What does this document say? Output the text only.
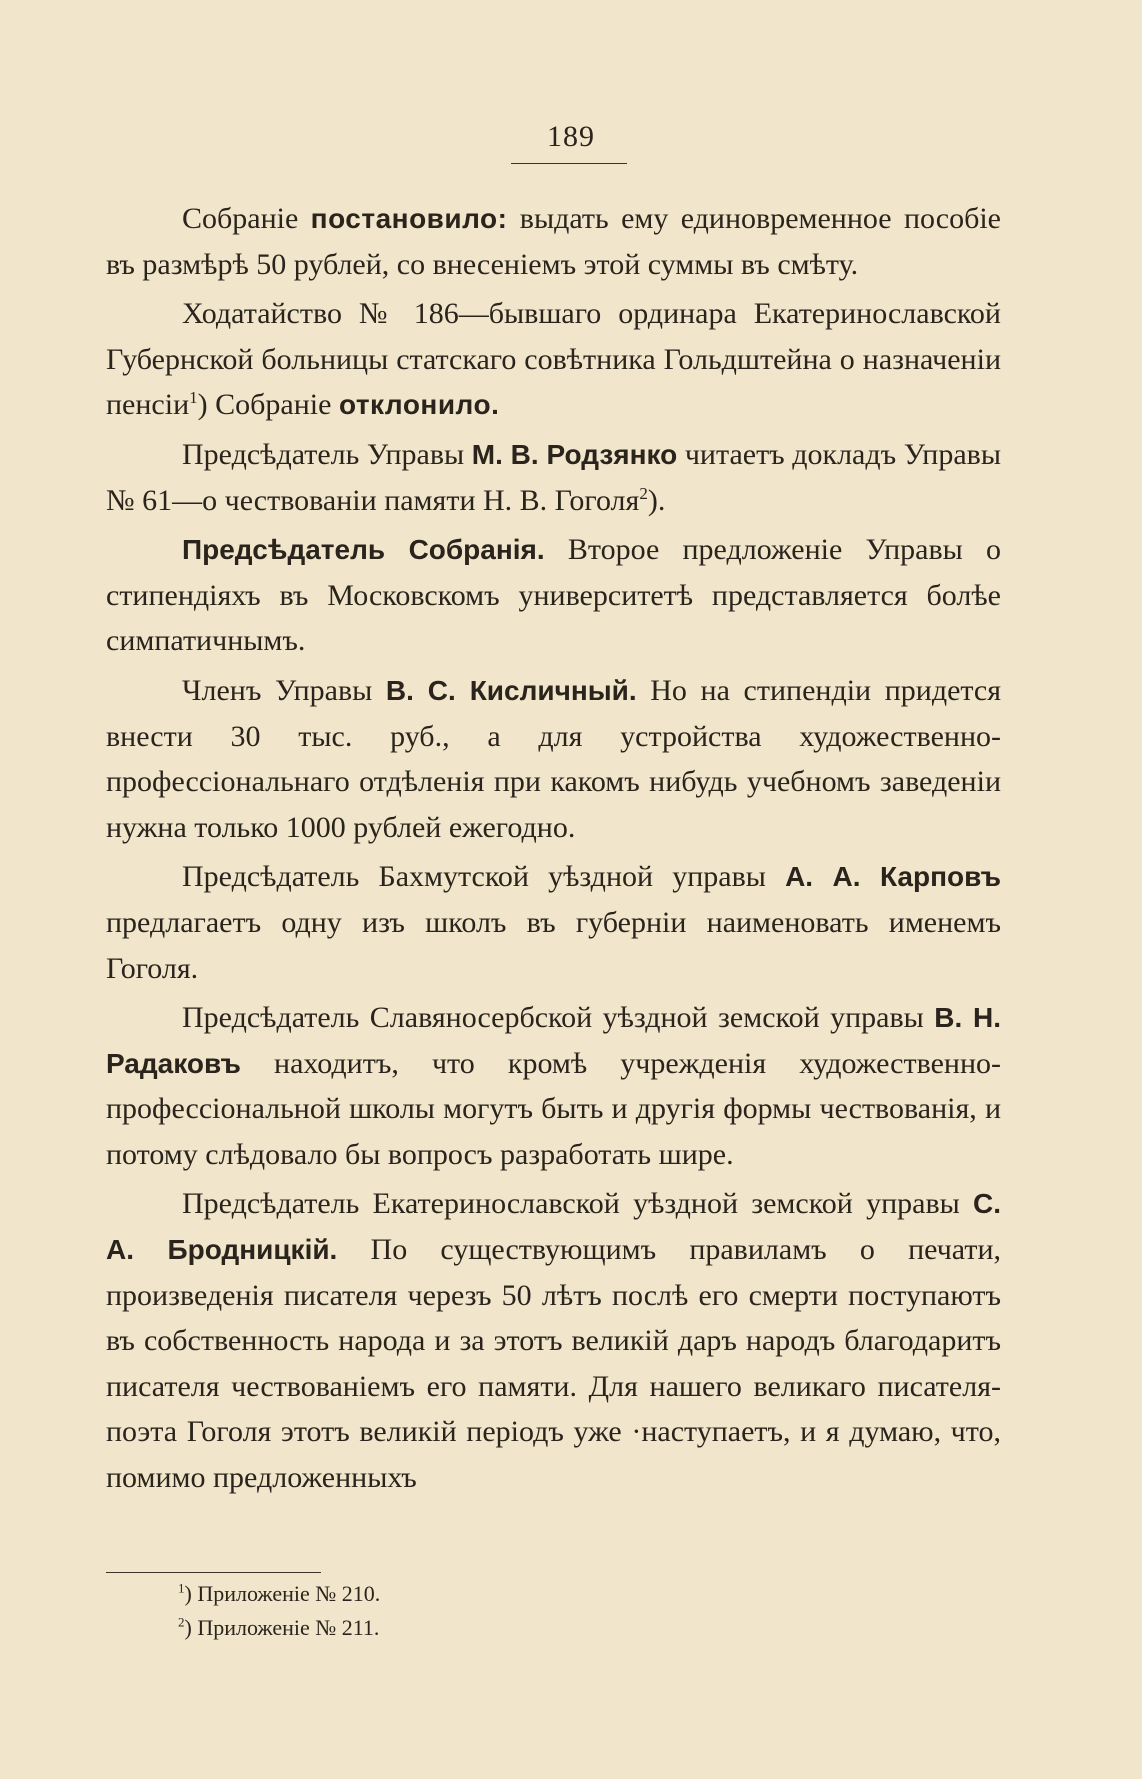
189

Собраніе постановило: выдать ему единовременное пособіе въ размѣрѣ 50 рублей, со внесеніемъ этой суммы въ смѣту.

Ходатайство № 186—бывшаго ординара Екатеринославской Губернской больницы статскаго совѣтника Гольдштейна о назначеніи пенсіи$^1$) Собраніе отклонило.

Предсѣдатель Управы М. В. Родзянко читаетъ докладъ Управы № 61—о чествованіи памяти Н. В. Гоголя$^2$).

Предсѣдатель Собранія. Второе предложеніе Управы о стипендіяхъ въ Московскомъ университетѣ представляется болѣе симпатичнымъ.

Членъ Управы В. С. Кисличный. Но на стипендіи придется внести 30 тыс. руб., а для устройства художественно-профессіональнаго отдѣленія при какомъ нибудь учебномъ заведеніи нужна только 1000 рублей ежегодно.

Предсѣдатель Бахмутской уѣздной управы А. А. Карповъ предлагаетъ одну изъ школъ въ губерніи наименовать именемъ Гоголя.

Предсѣдатель Славяносербской уѣздной земской управы В. Н. Радаковъ находитъ, что кромѣ учрежденія художественно-профессіональной школы могутъ быть и другія формы чествованія, и потому слѣдовало бы вопросъ разработать шире.

Предсѣдатель Екатеринославской уѣздной земской управы С. А. Бродницкій. По существующимъ правиламъ о печати, произведенія писателя черезъ 50 лѣтъ послѣ его смерти поступаютъ въ собственность народа и за этотъ великій даръ народъ благодаритъ писателя чествованіемъ его памяти. Для нашего великаго писателя-поэта Гоголя этотъ великій періодъ уже ·наступаетъ, и я думаю, что, помимо предложенныхъ

$^1$) Приложеніе № 210.
$^2$) Приложеніе № 211.
